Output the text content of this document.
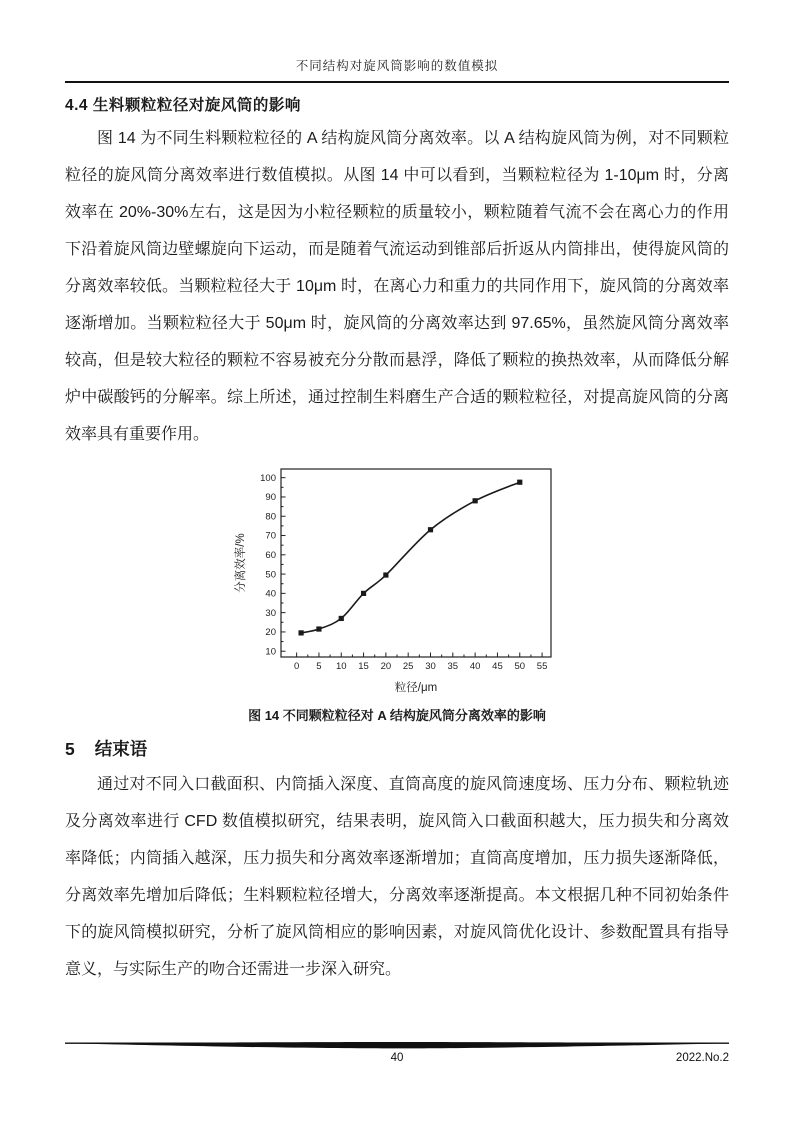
不同结构对旋风筒影响的数值模拟
4.4 生料颗粒粒径对旋风筒的影响

图 14 为不同生料颗粒粒径的 A 结构旋风筒分离效率。以 A 结构旋风筒为例，对不同颗粒粒径的旋风筒分离效率进行数值模拟。从图 14 中可以看到，当颗粒粒径为 1-10μm 时，分离效率在 20%-30%左右，这是因为小粒径颗粒的质量较小，颗粒随着气流不会在离心力的作用下沿着旋风筒边壁螺旋向下运动，而是随着气流运动到锥部后折返从内筒排出，使得旋风筒的分离效率较低。当颗粒粒径大于 10μm 时，在离心力和重力的共同作用下，旋风筒的分离效率逐渐增加。当颗粒粒径大于 50μm 时，旋风筒的分离效率达到 97.65%，虽然旋风筒分离效率较高，但是较大粒径的颗粒不容易被充分分散而悬浮，降低了颗粒的换热效率，从而降低分解炉中碳酸钙的分解率。综上所述，通过控制生料磨生产合适的颗粒粒径，对提高旋风筒的分离效率具有重要作用。

0 5 10 15 20 25 30 35 40 45 50 55
10
20
30
40
50
60
70
80
90
100
粒径/μm
分离效率/%
图 14 不同颗粒粒径对 A 结构旋风筒分离效率的影响
5 结束语

通过对不同入口截面积、内筒插入深度、直筒高度的旋风筒速度场、压力分布、颗粒轨迹及分离效率进行 CFD 数值模拟研究，结果表明，旋风筒入口截面积越大，压力损失和分离效率降低；内筒插入越深，压力损失和分离效率逐渐增加；直筒高度增加，压力损失逐渐降低，分离效率先增加后降低；生料颗粒粒径增大，分离效率逐渐提高。本文根据几种不同初始条件下的旋风筒模拟研究，分析了旋风筒相应的影响因素，对旋风筒优化设计、参数配置具有指导意义，与实际生产的吻合还需进一步深入研究。

40	2022.No.2
